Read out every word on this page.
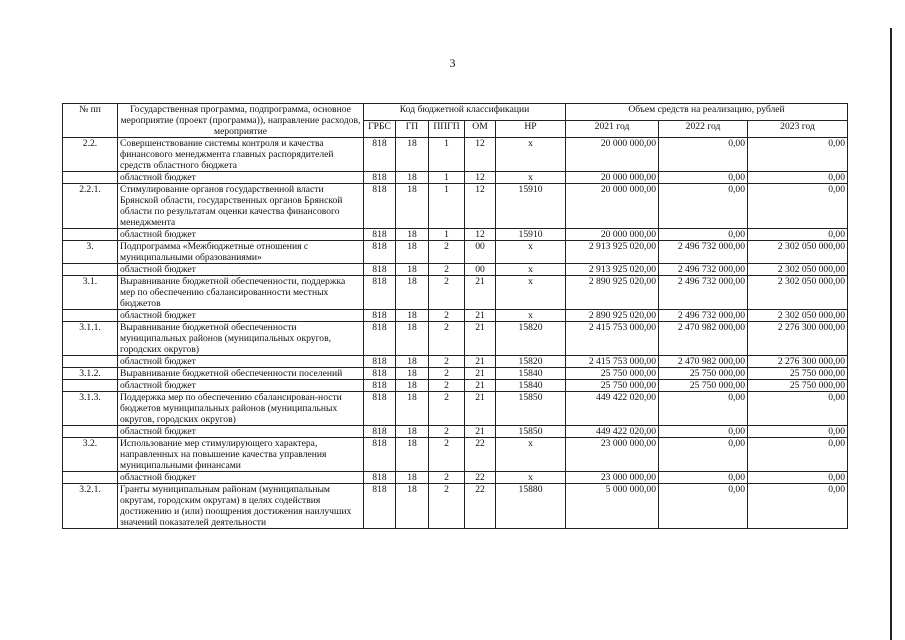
3
№ пп	Государственная программа, подпрограмма, основное мероприятие (проект (программа)), направление расходов, мероприятие	Код бюджетной классификации					Объем средств на реализацию, рублей		
		ГРБС	ГП	ППГП	ОМ	НР	2021 год	2022 год	2023 год
2.2.	Совершенствование системы контроля и качества финансового менеджмента главных распорядителей средств областного бюджета	818	18	1	12	x	20 000 000,00	0,00	0,00
	областной бюджет	818	18	1	12	x	20 000 000,00	0,00	0,00
2.2.1.	Стимулирование органов государственной власти Брянской области, государственных органов Брянской области по результатам оценки качества финансового менеджмента	818	18	1	12	15910	20 000 000,00	0,00	0,00
	областной бюджет	818	18	1	12	15910	20 000 000,00	0,00	0,00
3.	Подпрограмма «Межбюджетные отношения с муниципальными образованиями»	818	18	2	00	x	2 913 925 020,00	2 496 732 000,00	2 302 050 000,00
	областной бюджет	818	18	2	00	x	2 913 925 020,00	2 496 732 000,00	2 302 050 000,00
3.1.	Выравнивание бюджетной обеспеченности, поддержка мер по обеспечению сбалансированности местных бюджетов	818	18	2	21	x	2 890 925 020,00	2 496 732 000,00	2 302 050 000,00
	областной бюджет	818	18	2	21	x	2 890 925 020,00	2 496 732 000,00	2 302 050 000,00
3.1.1.	Выравнивание бюджетной обеспеченности муниципальных районов (муниципальных округов, городских округов)	818	18	2	21	15820	2 415 753 000,00	2 470 982 000,00	2 276 300 000,00
	областной бюджет	818	18	2	21	15820	2 415 753 000,00	2 470 982 000,00	2 276 300 000,00
3.1.2.	Выравнивание бюджетной обеспеченности поселений	818	18	2	21	15840	25 750 000,00	25 750 000,00	25 750 000,00
	областной бюджет	818	18	2	21	15840	25 750 000,00	25 750 000,00	25 750 000,00
3.1.3.	Поддержка мер по обеспечению сбалансирован-ности бюджетов муниципальных районов (муниципальных округов, городских округов)	818	18	2	21	15850	449 422 020,00	0,00	0,00
	областной бюджет	818	18	2	21	15850	449 422 020,00	0,00	0,00
3.2.	Использование мер стимулирующего характера, направленных на повышение качества управления муниципальными финансами	818	18	2	22	x	23 000 000,00	0,00	0,00
	областной бюджет	818	18	2	22	x	23 000 000,00	0,00	0,00
3.2.1.	Гранты муниципальным районам (муниципальным округам, городским округам) в целях содействия достижению и (или) поощрения достижения наилучших значений показателей деятельности	818	18	2	22	15880	5 000 000,00	0,00	0,00
